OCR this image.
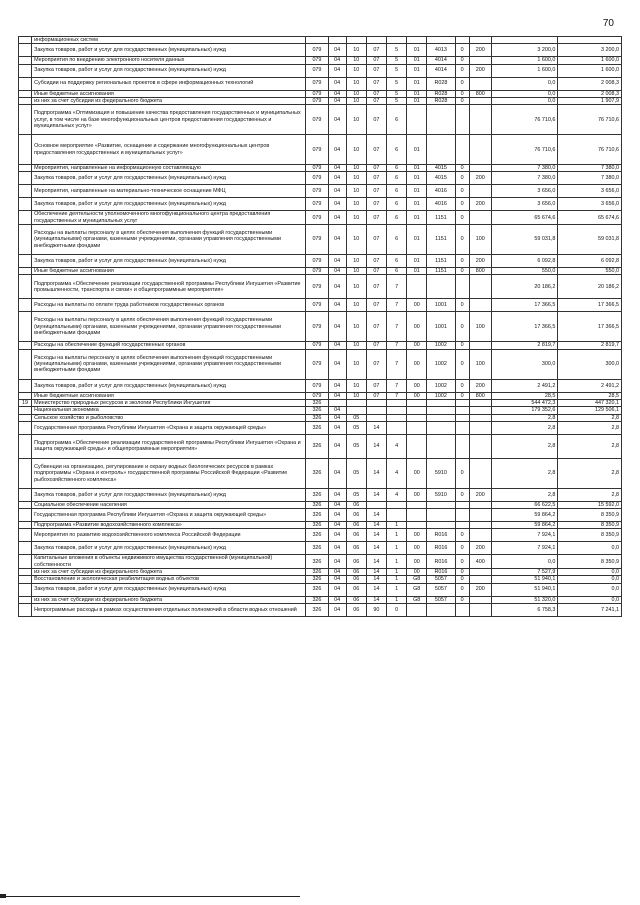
70
	информационных систем											
	Закупка товаров, работ и услуг для государственных (муниципальных) нужд	079	04	10	07	5	01	4013	0	200	3 200,0	3 200,0
	Мероприятия по внедрению электронного носителя данных	079	04	10	07	5	01	4014	0		1 600,0	1 600,0
	Закупка товаров, работ и услуг для государственных (муниципальных) нужд	079	04	10	07	5	01	4014	0	200	1 600,0	1 600,0
	Субсидии на поддержку региональных проектов в сфере информационных технологий	079	04	10	07	5	01	R028	0		0,0	2 008,3
	Иные бюджетные ассигнования	079	04	10	07	5	01	R028	0	800	0,0	2 008,3
	из них за счет субсидии из федерального бюджета	079	04	10	07	5	01	R028	0		0,0	1 907,9
	Подпрограмма «Оптимизация и повышение качества предоставления государственных и муниципальных услуг, в том числе на базе многофункциональных центров предоставления государственных и муниципальных услуг»	079	04	10	07	6					76 710,6	76 710,6
	Основное мероприятие «Развитие, оснащение и содержание многофункциональных центров предоставления государственных и муниципальных услуг»	079	04	10	07	6	01				76 710,6	76 710,6
	Мероприятия, направленные на информационную составляющую	079	04	10	07	6	01	4015	0		7 380,0	7 380,0
	Закупка товаров, работ и услуг для государственных (муниципальных) нужд	079	04	10	07	6	01	4015	0	200	7 380,0	7 380,0
	Мероприятия, направленные на материально-техническое оснащение МФЦ	079	04	10	07	6	01	4016	0		3 656,0	3 656,0
	Закупка товаров, работ и услуг для государственных (муниципальных) нужд	079	04	10	07	6	01	4016	0	200	3 656,0	3 656,0
	Обеспечение деятельности уполномоченного многофункционального центра предоставления государственных и муниципальных услуг	079	04	10	07	6	01	1151	0		65 674,6	65 674,6
	Расходы на выплаты персоналу в целях обеспечения выполнения функций государственными (муниципальными) органами, казенными учреждениями, органами управления государственными внебюджетными фондами	079	04	10	07	6	01	1151	0	100	59 031,8	59 031,8
	Закупка товаров, работ и услуг для государственных (муниципальных) нужд	079	04	10	07	6	01	1151	0	200	6 092,8	6 092,8
	Иные бюджетные ассигнования	079	04	10	07	6	01	1151	0	800	550,0	550,0
	Подпрограмма «Обеспечение реализации государственной программы Республики Ингушетия «Развитие промышленности, транспорта и связи» и общепрограммные мероприятия»	079	04	10	07	7					20 186,2	20 186,2
	Расходы на выплаты по оплате труда работников государственных органов	079	04	10	07	7	00	1001	0		17 366,5	17 366,5
	Расходы на выплаты персоналу в целях обеспечения выполнения функций государственными (муниципальными) органами, казенными учреждениями, органами управления государственными внебюджетными фондами	079	04	10	07	7	00	1001	0	100	17 366,5	17 366,5
	Расходы на обеспечение функций государственных органов	079	04	10	07	7	00	1002	0		2 819,7	2 819,7
	Расходы на выплаты персоналу в целях обеспечения выполнения функций государственными (муниципальными) органами, казенными учреждениями, органами управления государственными внебюджетными фондами	079	04	10	07	7	00	1002	0	100	300,0	300,0
	Закупка товаров, работ и услуг для государственных (муниципальных) нужд	079	04	10	07	7	00	1002	0	200	2 491,2	2 491,2
	Иные бюджетные ассигнования	079	04	10	07	7	00	1002	0	800	28,5	28,5
19	Министерство природных ресурсов и экологии Республики Ингушетия	326									544 472,3	447 320,1
	Национальная экономика	326	04								179 352,6	129 506,1
	Сельское хозяйство и рыболовство	326	04	05							2,8	2,8
	Государственная программа Республики Ингушетия «Охрана и защита окружающей среды»	326	04	05	14						2,8	2,8
	Подпрограмма «Обеспечение реализации государственной программы Республики Ингушетия «Охрана и защита окружающей среды» и общепрограммные мероприятия»	326	04	05	14	4					2,8	2,8
	Субвенции на организацию, регулирование и охрану водных биологических ресурсов в рамках подпрограммы «Охрана и контроль» государственной программы Российской Федерации «Развитие рыбохозяйственного комплекса»	326	04	05	14	4	00	5910	0		2,8	2,8
	Закупка товаров, работ и услуг для государственных (муниципальных) нужд	326	04	05	14	4	00	5910	0	200	2,8	2,8
	Социальное обеспечение населения	326	04	06							66 622,5	15 592,0
	Государственная программа Республики Ингушетия «Охрана и защита окружающей среды»	326	04	06	14						59 864,2	8 350,9
	Подпрограмма «Развитие водохозяйственного комплекса»	326	04	06	14	1					59 864,2	8 350,9
	Мероприятия по развитию водохозяйственного комплекса Российской Федерации	326	04	06	14	1	00	R016	0		7 924,1	8 350,9
	Закупка товаров, работ и услуг для государственных (муниципальных) нужд	326	04	06	14	1	00	R016	0	200	7 924,1	0,0
	Капитальные вложения в объекты недвижимого имущества государственной (муниципальной) собственности	326	04	06	14	1	00	R016	0	400	0,0	8 350,9
	из них за счет субсидии из федерального бюджета	326	04	06	14	1	00	R016	0		7 527,9	0,0
	Восстановление и экологическая реабилитация водных объектов	326	04	06	14	1	G8	5057	0		51 940,1	0,0
	Закупка товаров, работ и услуг для государственных (муниципальных) нужд	326	04	06	14	1	G8	5057	0	200	51 940,1	0,0
	из них за счет субсидии из федерального бюджета	326	04	06	14	1	G8	5057	0		51 320,0	0,0
	Непрограммные расходы в рамках осуществления отдельных полномочий в области водных отношений	326	04	06	90	0					6 758,3	7 241,1
